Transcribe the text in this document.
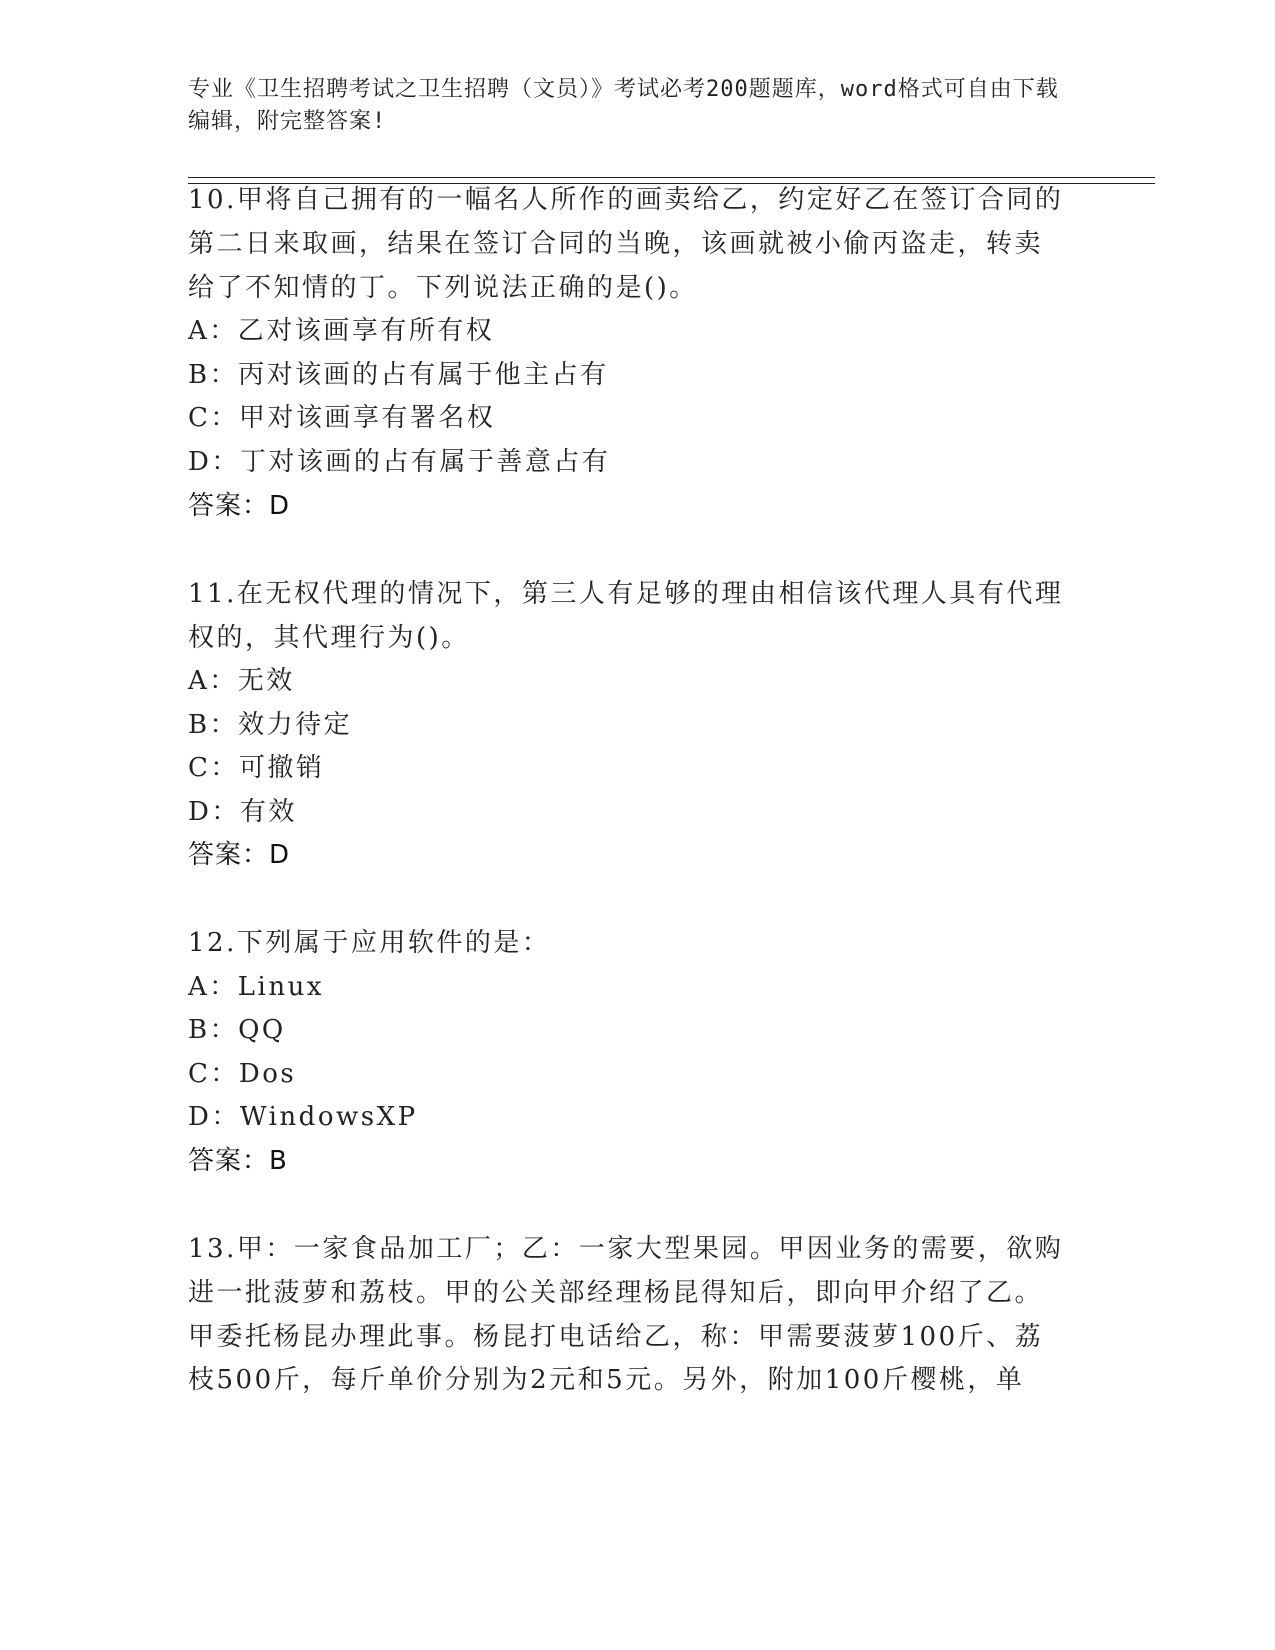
专业《卫生招聘考试之卫生招聘（文员）》考试必考200题题库，word格式可自由下载编辑，附完整答案!
10.甲将自己拥有的一幅名人所作的画卖给乙，约定好乙在签订合同的
第二日来取画，结果在签订合同的当晚，该画就被小偷丙盗走，转卖
给了不知情的丁。下列说法正确的是()。
A：乙对该画享有所有权
B：丙对该画的占有属于他主占有
C：甲对该画享有署名权
D：丁对该画的占有属于善意占有
答案：D
11.在无权代理的情况下，第三人有足够的理由相信该代理人具有代理
权的，其代理行为()。
A：无效
B：效力待定
C：可撤销
D：有效
答案：D
12.下列属于应用软件的是：
A：Linux
B：QQ
C：Dos
D：WindowsXP
答案：B
13.甲：一家食品加工厂；乙：一家大型果园。甲因业务的需要，欲购
进一批菠萝和荔枝。甲的公关部经理杨昆得知后，即向甲介绍了乙。
甲委托杨昆办理此事。杨昆打电话给乙，称：甲需要菠萝100斤、荔
枝500斤，每斤单价分别为2元和5元。另外，附加100斤樱桃，单
